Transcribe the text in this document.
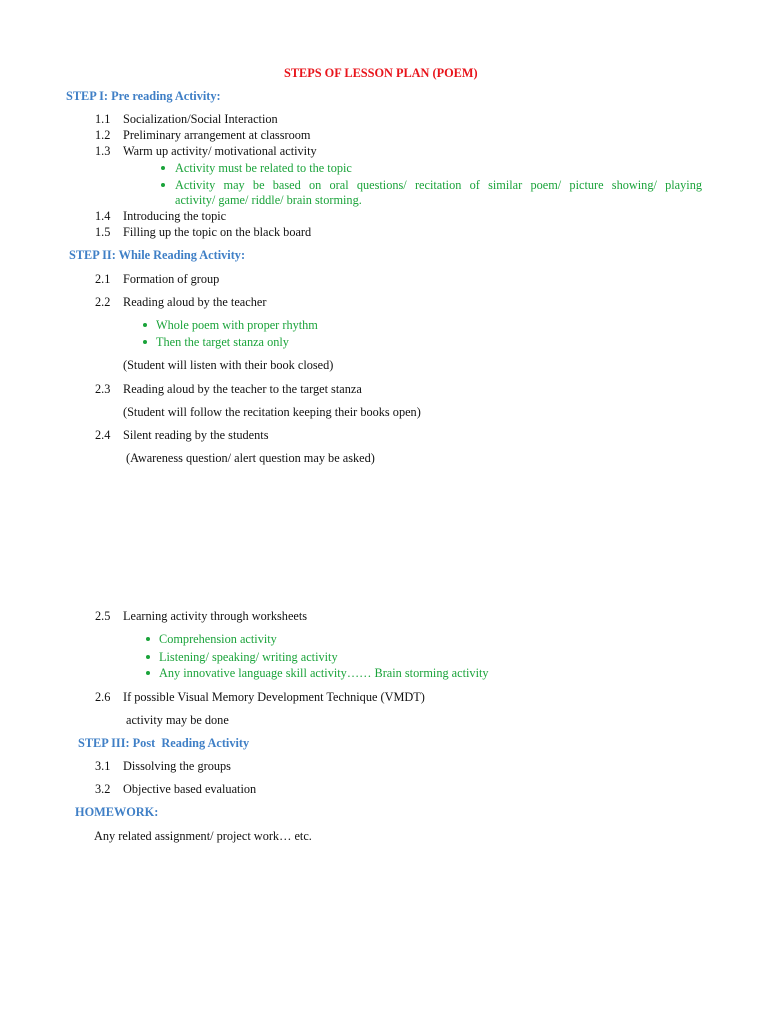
STEPS OF LESSON PLAN (POEM)
STEP I: Pre reading Activity:
1.1 Socialization/Social Interaction
1.2 Preliminary arrangement at classroom
1.3 Warm up activity/ motivational activity
Activity must be related to the topic
Activity may be based on oral questions/ recitation of similar poem/ picture showing/ playing
activity/ game/ riddle/ brain storming.
1.4 Introducing the topic
1.5 Filling up the topic on the black board
STEP II: While Reading Activity:
2.1 Formation of group
2.2 Reading aloud by the teacher
Whole poem with proper rhythm
Then the target stanza only
(Student will listen with their book closed)
2.3 Reading aloud by the teacher to the target stanza
(Student will follow the recitation keeping their books open)
2.4 Silent reading by the students
(Awareness question/ alert question may be asked)
2.5 Learning activity through worksheets
Comprehension activity
Listening/ speaking/ writing activity
Any innovative language skill activity…… Brain storming activity
2.6 If possible Visual Memory Development Technique (VMDT)
activity may be done
STEP III: Post  Reading Activity
3.1 Dissolving the groups
3.2 Objective based evaluation
HOMEWORK:
Any related assignment/ project work… etc.
